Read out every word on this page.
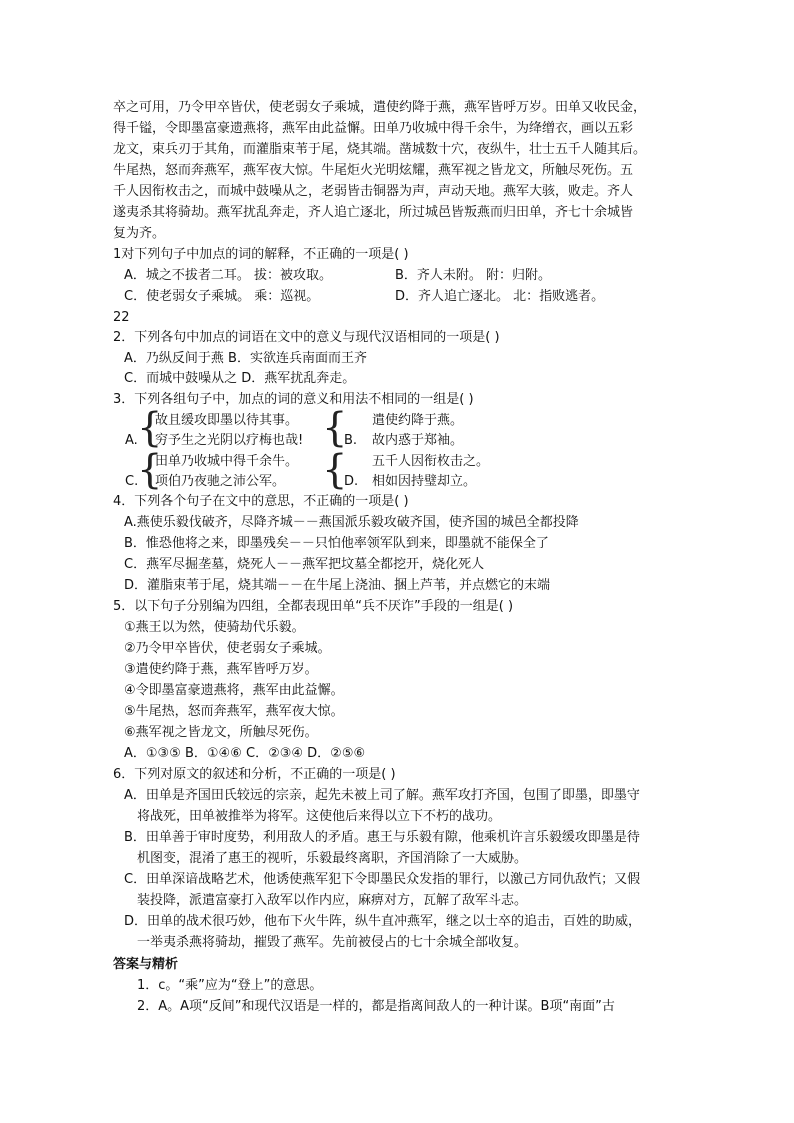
卒之可用，乃令甲卒皆伏，使老弱女子乘城，遣使约降于燕，燕军皆呼万岁。田单又收民金，
得千镒，令即墨富豪遗燕将，燕军由此益懈。田单乃收城中得千余牛，为绛缯衣，画以五彩
龙文，束兵刃于其角，而灌脂束苇于尾，烧其端。凿城数十穴，夜纵牛，壮士五千人随其后。
牛尾热，怒而奔燕军，燕军夜大惊。牛尾炬火光明炫耀，燕军视之皆龙文，所触尽死伤。五
千人因衔枚击之，而城中鼓噪从之，老弱皆击铜器为声，声动天地。燕军大骇，败走。齐人
遂夷杀其将骑劫。燕军扰乱奔走，齐人追亡逐北，所过城邑皆叛燕而归田单，齐七十余城皆
复为齐。
1对下列句子中加点的词的解释，不正确的一项是( )
A．城之不拔者二耳。 拔：被攻取。	B．齐人未附。 附：归附。
C．使老弱女子乘城。 乘：巡视。	D．齐人追亡逐北。 北：指败逃者。
22
2．下列各句中加点的词语在文中的意义与现代汉语相同的一项是( )
A．乃纵反间于燕 B．实欲连兵南面而王齐
C．而城中鼓噪从之 D．燕军扰乱奔走。
3．下列各组句子中，加点的词的意义和用法不相同的一组是( )
{
A.
故且缓攻即墨以待其事。
穷予生之光阴以疗梅也哉! {
B.
遣使约降于燕。
故内惑于郑袖。
{
C.
田单乃收城中得千余牛。
项伯乃夜驰之沛公军。 {
D.
五千人因衔枚击之。
相如因持璧却立。
4．下列各个句子在文中的意思，不正确的一项是( )
A.燕使乐毅伐破齐，尽降齐城－－燕国派乐毅攻破齐国，使齐国的城邑全都投降
B．惟恐他将之来，即墨残矣－－只怕他率领军队到来，即墨就不能保全了
C．燕军尽掘垄墓，烧死人－－燕军把坟墓全都挖开，烧化死人
D．灌脂束苇于尾，烧其端－－在牛尾上浇油、捆上芦苇，并点燃它的末端
5．以下句子分别编为四组，全都表现田单“兵不厌诈”手段的一组是( )
①燕王以为然，使骑劫代乐毅。
②乃令甲卒皆伏，使老弱女子乘城。
③遣使约降于燕，燕军皆呼万岁。
④令即墨富豪遗燕将，燕军由此益懈。
⑤牛尾热，怒而奔燕军，燕军夜大惊。
⑥燕军视之皆龙文，所触尽死伤。
A．①③⑤ B．①④⑥ C．②③④ D．②⑤⑥
6．下列对原文的叙述和分析，不正确的一项是( )
A．田单是齐国田氏较远的宗亲，起先未被上司了解。燕军攻打齐国，包围了即墨，即墨守
将战死，田单被推举为将军。这使他后来得以立下不朽的战功。
B．田单善于审时度势，利用敌人的矛盾。惠王与乐毅有隙，他乘机许言乐毅缓攻即墨是待
机图变，混淆了惠王的视听，乐毅最终离职，齐国消除了一大威胁。
C．田单深谙战略艺术，他诱使燕军犯下令即墨民众发指的罪行，以激己方同仇敌忾；又假
装投降，派遣富豪打入敌军以作内应，麻痹对方，瓦解了敌军斗志。
D．田单的战术很巧妙，他布下火牛阵，纵牛直冲燕军，继之以士卒的追击，百姓的助威，
一举夷杀燕将骑劫，摧毁了燕军。先前被侵占的七十余城全部收复。
答案与精析
1．c。“乘”应为“登上”的意思。
2．A。A项“反间”和现代汉语是一样的，都是指离间敌人的一种计谋。B项“南面”古
